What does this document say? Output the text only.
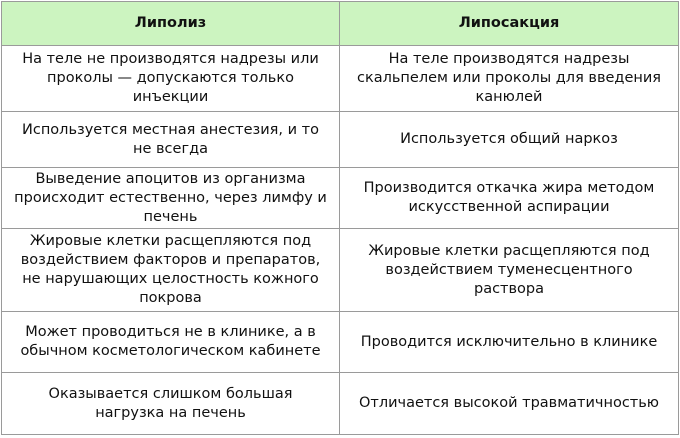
Липолиз	Липосакция
На теле не производятся надрезы или проколы — допускаются только инъекции	На теле производятся надрезы скальпелем или проколы для введения канюлей
Используется местная анестезия, и то не всегда	Используется общий наркоз
Выведение апоцитов из организма происходит естественно, через лимфу и печень	Производится откачка жира методом искусственной аспирации
Жировые клетки расщепляются под воздействием факторов и препаратов, не нарушающих целостность кожного покрова	Жировые клетки расщепляются под воздействием туменесцентного раствора
Может проводиться не в клинике, а в обычном косметологическом кабинете	Проводится исключительно в клинике
Оказывается слишком большая нагрузка на печень	Отличается высокой травматичностью
